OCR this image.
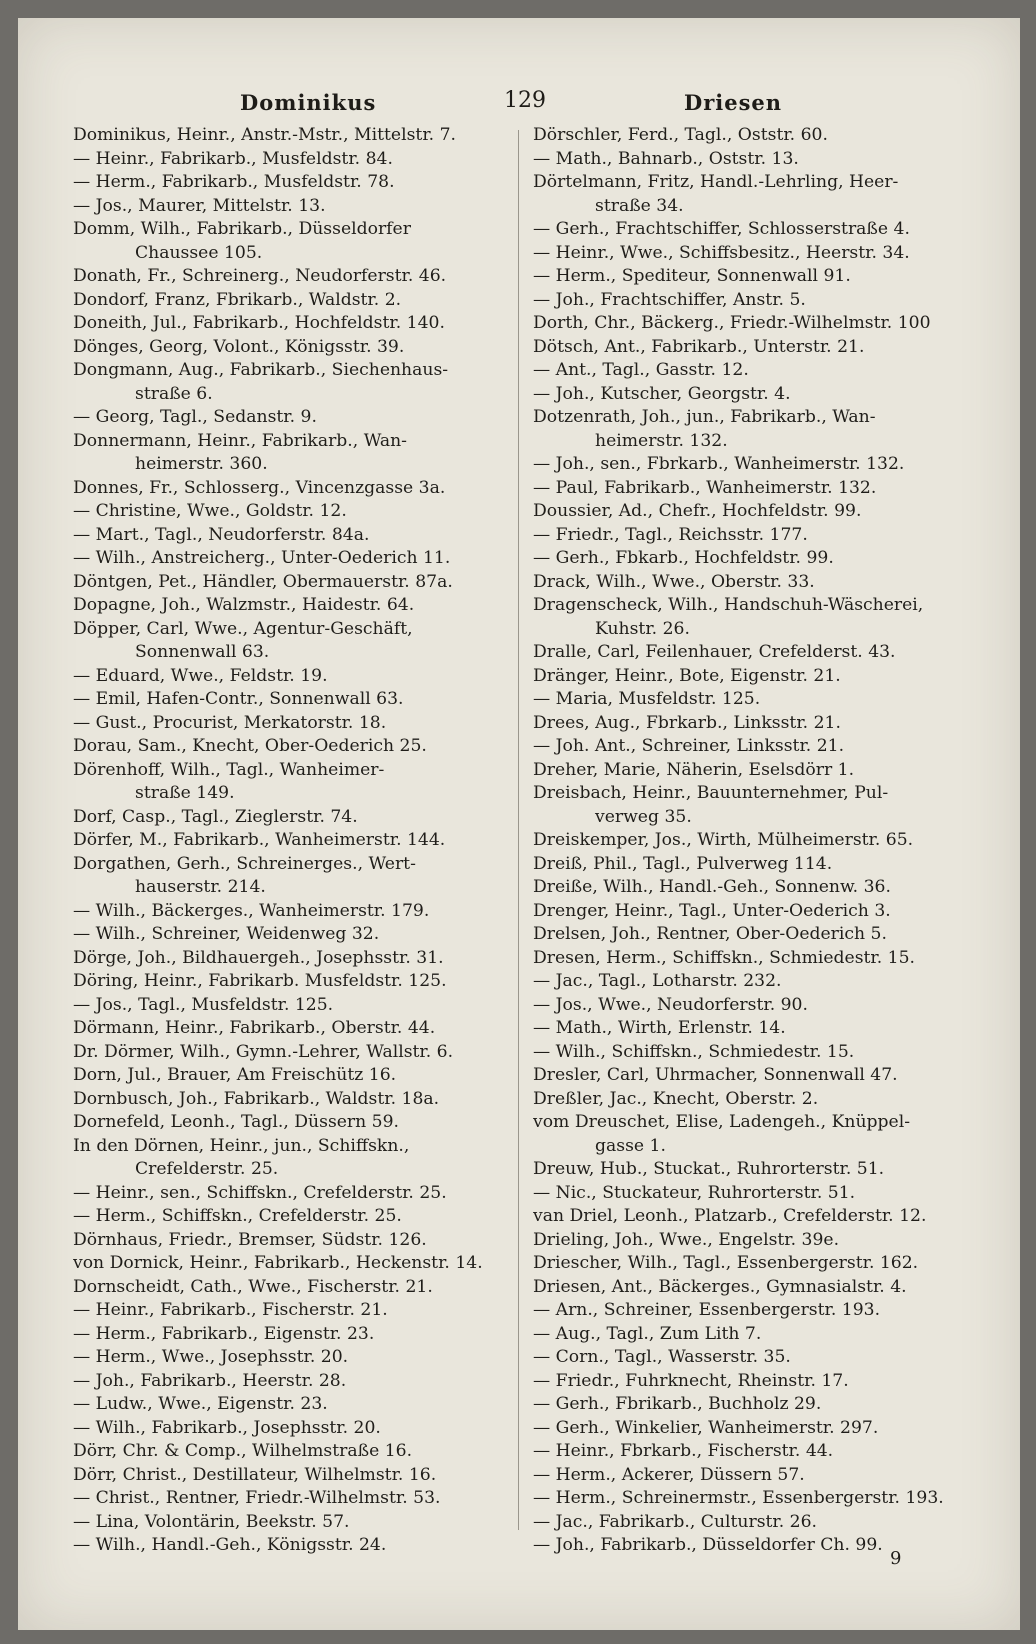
Dominikus	129	Driesen
Dominikus, Heinr., Anstr.-Mstr., Mittelstr. 7.
— Heinr., Fabrikarb., Musfeldstr. 84.
— Herm., Fabrikarb., Musfeldstr. 78.
— Jos., Maurer, Mittelstr. 13.
Domm, Wilh., Fabrikarb., Düsseldorfer
Chaussee 105.
Donath, Fr., Schreinerg., Neudorferstr. 46.
Dondorf, Franz, Fbrikarb., Waldstr. 2.
Doneith, Jul., Fabrikarb., Hochfeldstr. 140.
Dönges, Georg, Volont., Königsstr. 39.
Dongmann, Aug., Fabrikarb., Siechenhaus-
straße 6.
— Georg, Tagl., Sedanstr. 9.
Donnermann, Heinr., Fabrikarb., Wan-
heimerstr. 360.
Donnes, Fr., Schlosserg., Vincenzgasse 3a.
— Christine, Wwe., Goldstr. 12.
— Mart., Tagl., Neudorferstr. 84a.
— Wilh., Anstreicherg., Unter-Oederich 11.
Döntgen, Pet., Händler, Obermauerstr. 87a.
Dopagne, Joh., Walzmstr., Haidestr. 64.
Döpper, Carl, Wwe., Agentur-Geschäft,
Sonnenwall 63.
— Eduard, Wwe., Feldstr. 19.
— Emil, Hafen-Contr., Sonnenwall 63.
— Gust., Procurist, Merkatorstr. 18.
Dorau, Sam., Knecht, Ober-Oederich 25.
Dörenhoff, Wilh., Tagl., Wanheimer-
straße 149.
Dorf, Casp., Tagl., Zieglerstr. 74.
Dörfer, M., Fabrikarb., Wanheimerstr. 144.
Dorgathen, Gerh., Schreinerges., Wert-
hauserstr. 214.
— Wilh., Bäckerges., Wanheimerstr. 179.
— Wilh., Schreiner, Weidenweg 32.
Dörge, Joh., Bildhauergeh., Josephsstr. 31.
Döring, Heinr., Fabrikarb. Musfeldstr. 125.
— Jos., Tagl., Musfeldstr. 125.
Dörmann, Heinr., Fabrikarb., Oberstr. 44.
Dr. Dörmer, Wilh., Gymn.-Lehrer, Wallstr. 6.
Dorn, Jul., Brauer, Am Freischütz 16.
Dornbusch, Joh., Fabrikarb., Waldstr. 18a.
Dornefeld, Leonh., Tagl., Düssern 59.
In den Dörnen, Heinr., jun., Schiffskn.,
Crefelderstr. 25.
— Heinr., sen., Schiffskn., Crefelderstr. 25.
— Herm., Schiffskn., Crefelderstr. 25.
Dörnhaus, Friedr., Bremser, Südstr. 126.
von Dornick, Heinr., Fabrikarb., Heckenstr. 14.
Dornscheidt, Cath., Wwe., Fischerstr. 21.
— Heinr., Fabrikarb., Fischerstr. 21.
— Herm., Fabrikarb., Eigenstr. 23.
— Herm., Wwe., Josephsstr. 20.
— Joh., Fabrikarb., Heerstr. 28.
— Ludw., Wwe., Eigenstr. 23.
— Wilh., Fabrikarb., Josephsstr. 20.
Dörr, Chr. & Comp., Wilhelmstraße 16.
Dörr, Christ., Destillateur, Wilhelmstr. 16.
— Christ., Rentner, Friedr.-Wilhelmstr. 53.
— Lina, Volontärin, Beekstr. 57.
— Wilh., Handl.-Geh., Königsstr. 24.
Dörschler, Ferd., Tagl., Oststr. 60.
— Math., Bahnarb., Oststr. 13.
Dörtelmann, Fritz, Handl.-Lehrling, Heer-
straße 34.
— Gerh., Frachtschiffer, Schlosserstraße 4.
— Heinr., Wwe., Schiffsbesitz., Heerstr. 34.
— Herm., Spediteur, Sonnenwall 91.
— Joh., Frachtschiffer, Anstr. 5.
Dorth, Chr., Bäckerg., Friedr.-Wilhelmstr. 100
Dötsch, Ant., Fabrikarb., Unterstr. 21.
— Ant., Tagl., Gasstr. 12.
— Joh., Kutscher, Georgstr. 4.
Dotzenrath, Joh., jun., Fabrikarb., Wan-
heimerstr. 132.
— Joh., sen., Fbrkarb., Wanheimerstr. 132.
— Paul, Fabrikarb., Wanheimerstr. 132.
Doussier, Ad., Chefr., Hochfeldstr. 99.
— Friedr., Tagl., Reichsstr. 177.
— Gerh., Fbkarb., Hochfeldstr. 99.
Drack, Wilh., Wwe., Oberstr. 33.
Dragenscheck, Wilh., Handschuh-Wäscherei,
Kuhstr. 26.
Dralle, Carl, Feilenhauer, Crefelderst. 43.
Dränger, Heinr., Bote, Eigenstr. 21.
— Maria, Musfeldstr. 125.
Drees, Aug., Fbrkarb., Linksstr. 21.
— Joh. Ant., Schreiner, Linksstr. 21.
Dreher, Marie, Näherin, Eselsdörr 1.
Dreisbach, Heinr., Bauunternehmer, Pul-
verweg 35.
Dreiskemper, Jos., Wirth, Mülheimerstr. 65.
Dreiß, Phil., Tagl., Pulverweg 114.
Dreiße, Wilh., Handl.-Geh., Sonnenw. 36.
Drenger, Heinr., Tagl., Unter-Oederich 3.
Drelsen, Joh., Rentner, Ober-Oederich 5.
Dresen, Herm., Schiffskn., Schmiedestr. 15.
— Jac., Tagl., Lotharstr. 232.
— Jos., Wwe., Neudorferstr. 90.
— Math., Wirth, Erlenstr. 14.
— Wilh., Schiffskn., Schmiedestr. 15.
Dresler, Carl, Uhrmacher, Sonnenwall 47.
Dreßler, Jac., Knecht, Oberstr. 2.
vom Dreuschet, Elise, Ladengeh., Knüppel-
gasse 1.
Dreuw, Hub., Stuckat., Ruhrorterstr. 51.
— Nic., Stuckateur, Ruhrorterstr. 51.
van Driel, Leonh., Platzarb., Crefelderstr. 12.
Drieling, Joh., Wwe., Engelstr. 39e.
Driescher, Wilh., Tagl., Essenbergerstr. 162.
Driesen, Ant., Bäckerges., Gymnasialstr. 4.
— Arn., Schreiner, Essenbergerstr. 193.
— Aug., Tagl., Zum Lith 7.
— Corn., Tagl., Wasserstr. 35.
— Friedr., Fuhrknecht, Rheinstr. 17.
— Gerh., Fbrikarb., Buchholz 29.
— Gerh., Winkelier, Wanheimerstr. 297.
— Heinr., Fbrkarb., Fischerstr. 44.
— Herm., Ackerer, Düssern 57.
— Herm., Schreinermstr., Essenbergerstr. 193.
— Jac., Fabrikarb., Culturstr. 26.
— Joh., Fabrikarb., Düsseldorfer Ch. 99.
9
